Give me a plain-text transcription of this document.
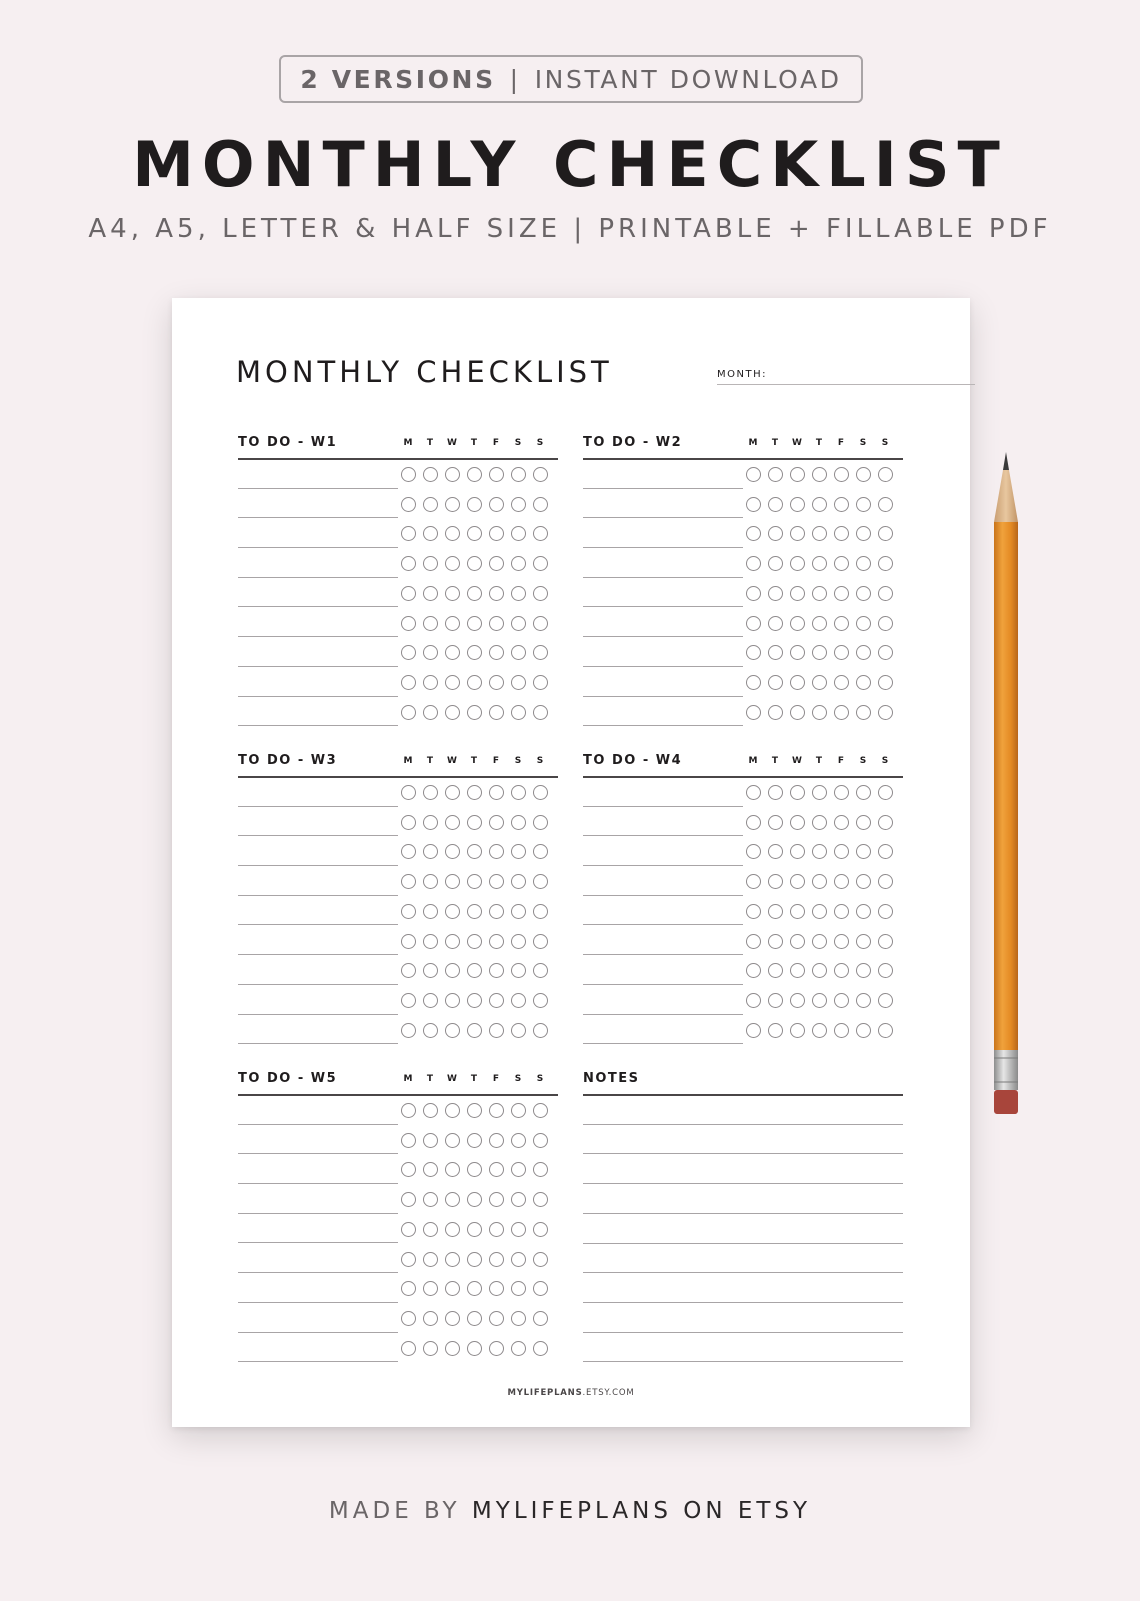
2 VERSIONS | INSTANT DOWNLOAD
MONTHLY CHECKLIST
A4, A5, LETTER & HALF SIZE | PRINTABLE + FILLABLE PDF
MONTHLY CHECKLIST	MONTH:
TO DO - W1	M	T	W	T	F	S	S	TO DO - W2	M	T	W	T	F	S	S
TO DO - W3	M	T	W	T	F	S	S	TO DO - W4	M	T	W	T	F	S	S
TO DO - W5	M	T	W	T	F	S	S	NOTES
MYLIFEPLANS.ETSY.COM
MADE BY MYLIFEPLANS ON ETSY
